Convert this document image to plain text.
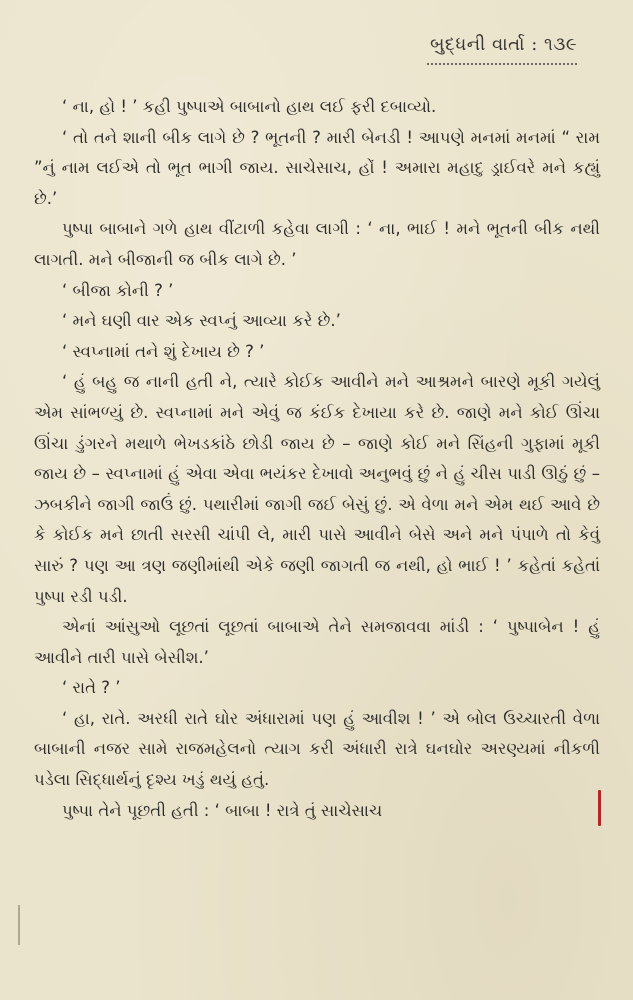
બુદ્ધની વાર્તા : ૧૩૯

‘ ના, હો ! ’ કહી પુષ્પાએ બાબાનો હાથ લઈ ફરી દબાવ્યો.

‘ તો તને શાની બીક લાગે છે ? ભૂતની ? મારી બેનડી ! આપણે મનમાં મનમાં “ રામ ”નું નામ લઈએ તો ભૂત ભાગી જાય. સાચેસાચ, હોં ! અમારા મહાદુ ડ્રાઈવરે મને કહ્યું છે.’

પુષ્પા બાબાને ગળે હાથ વીંટાળી કહેવા લાગી : ‘ ના, ભાઈ ! મને ભૂતની બીક નથી લાગતી. મને બીજાની જ બીક લાગે છે. ’

‘ બીજા કોની ? ’

‘ મને ઘણી વાર એક સ્વપ્નું આવ્યા કરે છે.’

‘ સ્વપ્નામાં તને શું દેખાય છે ? ’

‘ હું બહુ જ નાની હતી ને, ત્યારે કોઈક આવીને મને આશ્રમને બારણે મૂકી ગયેલું એમ સાંભળ્યું છે. સ્વપ્નામાં મને એવું જ કંઈક દેખાયા કરે છે. જાણે મને કોઈ ઊંચા ઊંચા ડુંગરને મથાળે ભેખડકાંઠે છોડી જાય છે – જાણે કોઈ મને સિંહની ગુફામાં મૂકી જાય છે – સ્વપ્નામાં હું એવા એવા ભયંકર દેખાવો અનુભવું છું ને હું ચીસ પાડી ઊઠું છું – ઝબકીને જાગી જાઉં છું. પથારીમાં જાગી જઈ બેસું છું. એ વેળા મને એમ થઈ આવે છે કે કોઈક મને છાતી સરસી ચાંપી લે, મારી પાસે આવીને બેસે અને મને પંપાળે તો કેવું સારું ? પણ આ ત્રણ જણીમાંથી એકે જણી જાગતી જ નથી, હો ભાઈ ! ’ કહેતાં કહેતાં પુષ્પા રડી પડી.

એનાં આંસુઓ લૂછતાં લૂછતાં બાબાએ તેને સમજાવવા માંડી : ‘ પુષ્પાબેન ! હું આવીને તારી પાસે બેસીશ.’

‘ રાતે ? ’

‘ હા, રાતે. અરધી રાતે ઘોર અંધારામાં પણ હું આવીશ ! ’ એ બોલ ઉચ્ચારતી વેળા બાબાની નજર સામે રાજમહેલનો ત્યાગ કરી અંધારી રાત્રે ઘનઘોર અરણ્યમાં નીકળી પડેલા સિદ્ધાર્થનું દૃશ્ય ખડું થયું હતું.

પુષ્પા તેને પૂછતી હતી : ‘ બાબા ! રાત્રે તું સાચેસાચ
